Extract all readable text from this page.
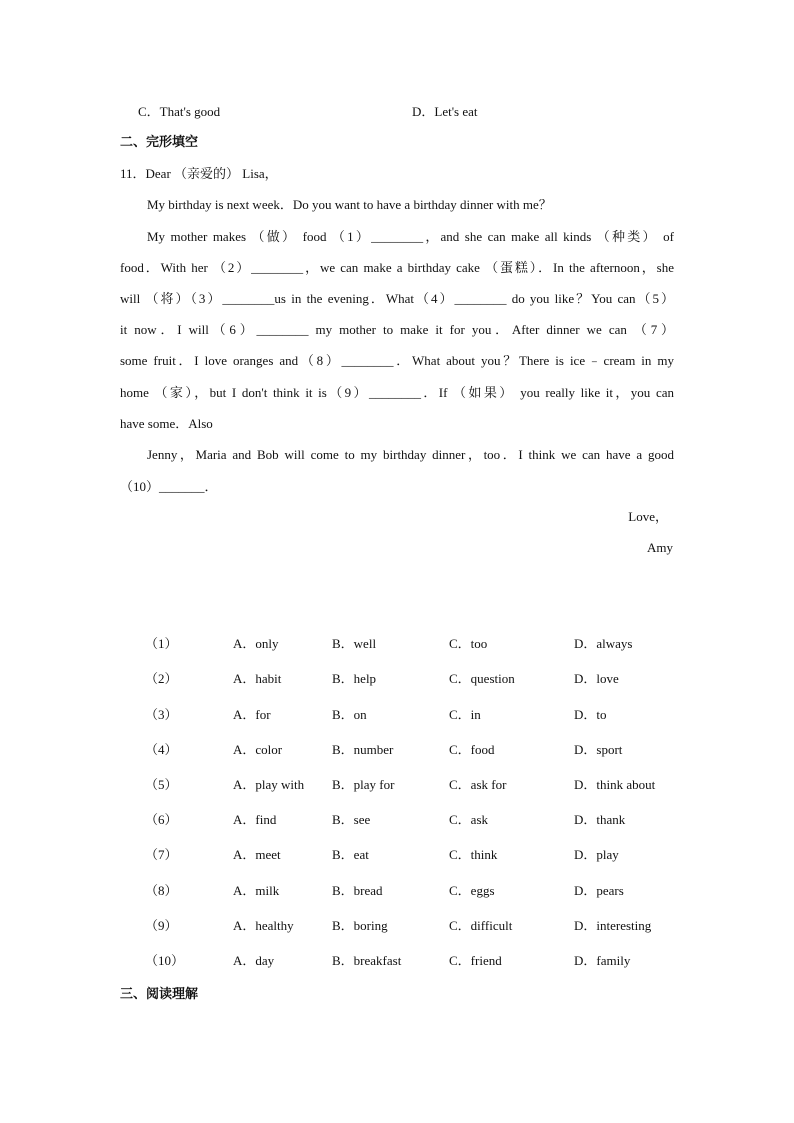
C．That's good	D．Let's eat
二、完形填空
11．Dear （亲爱的） Lisa，
My birthday is next week．Do you want to have a birthday dinner with me？
My mother makes （做） food （1）________，and she can make all kinds （种类） of
food．With her （2）________，we can make a birthday cake （蛋糕）．In the afternoon，she
will （将）（3）________us in the evening．What（4）________ do you like？You can（5）
it now．I will（6）________ my mother to make it for you．After dinner we can （7）
some fruit．I love oranges and（8）________．What about you？There is ice﹣cream in my
home （家），but I don't think it is（9）________．If （如果） you really like it，you can
have some．Also
Jenny，Maria and Bob will come to my birthday dinner，too．I think we can have a good
（10）_______．
Love，
Amy
（1）	A．only	B．well	C．too	D．always
（2）	A．habit	B．help	C．question	D．love
（3）	A．for	B．on	C．in	D．to
（4）	A．color	B．number	C．food	D．sport
（5）	A．play with B．play for	C．ask for	D．think about
（6）	A．find	B．see	C．ask	D．thank
（7）	A．meet	B．eat	C．think	D．play
（8）	A．milk	B．bread	C．eggs	D．pears
（9）	A．healthy	B．boring	C．difficult	D．interesting
（10）	A．day	B．breakfast	C．friend	D．family
三、阅读理解
